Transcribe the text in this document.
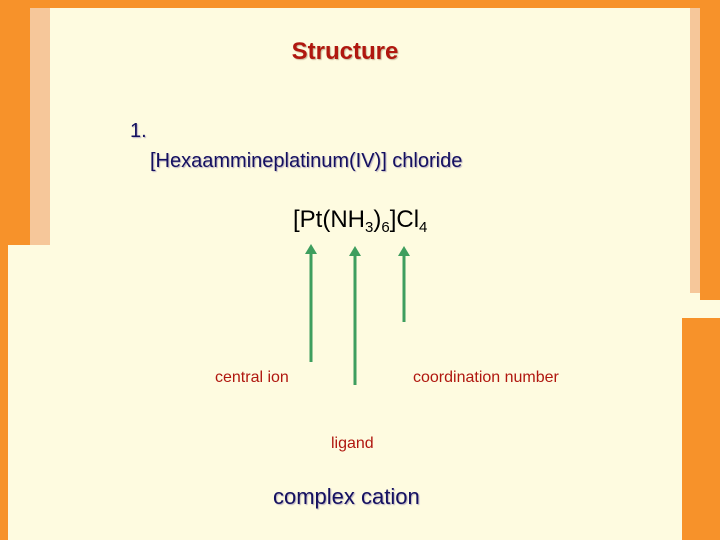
Structure
1.
[Hexaammineplatinum(IV)] chloride
$[Pt(NH_3)_6]Cl_4$
central ion	coordination number
ligand
complex cation
